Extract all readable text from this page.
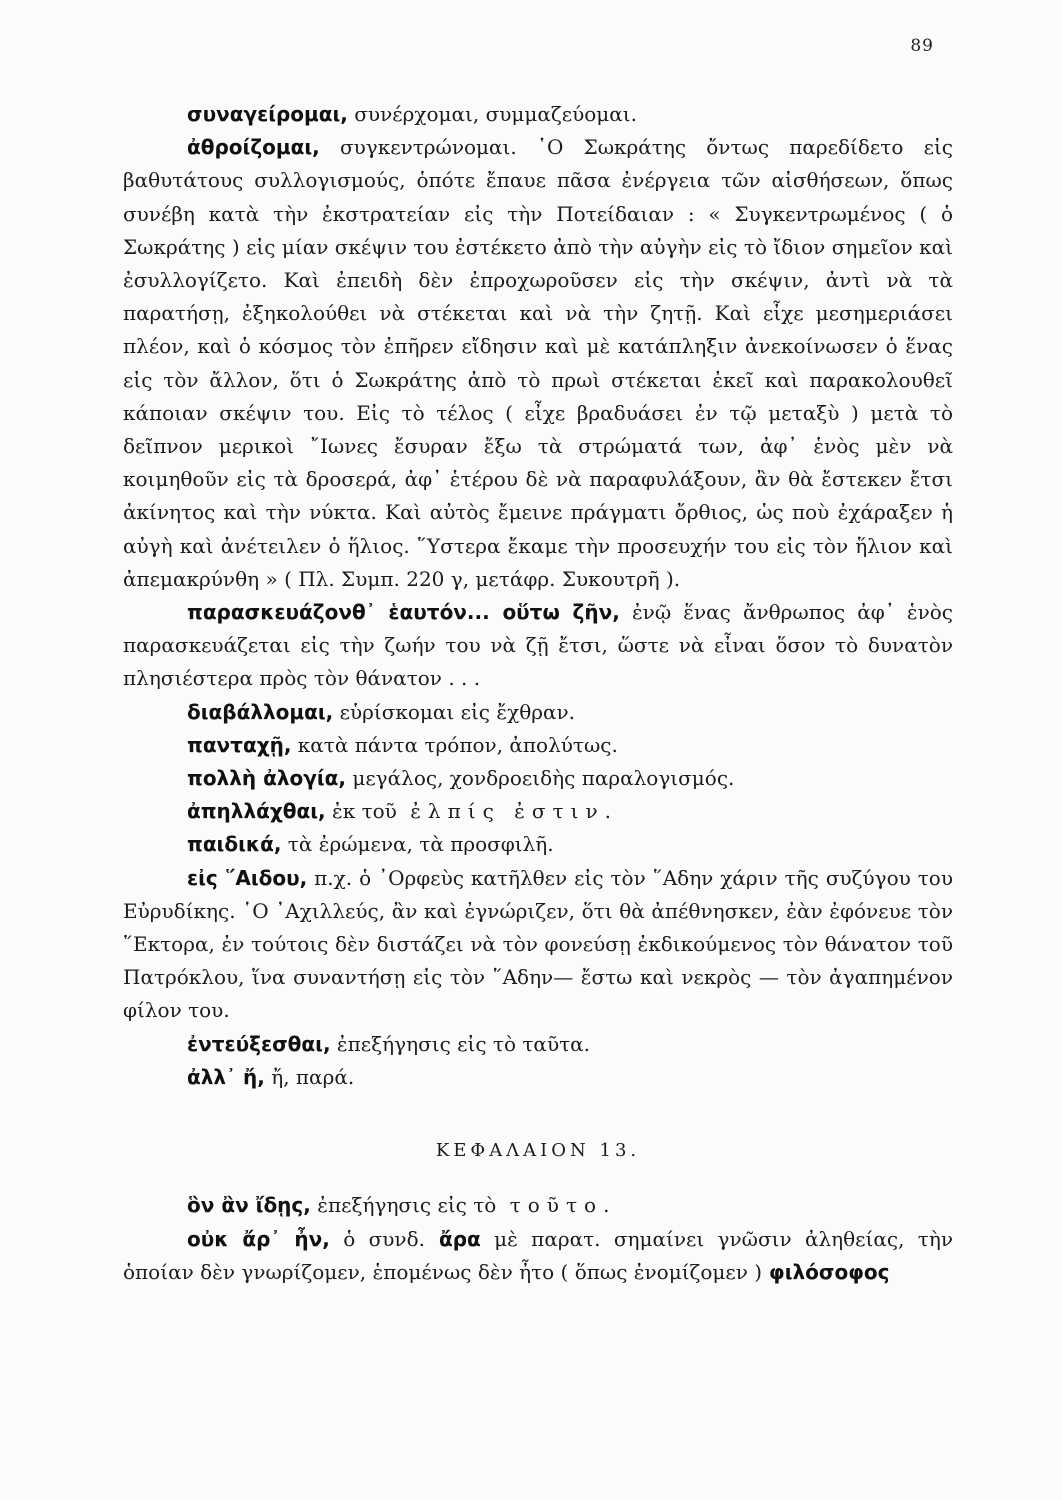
89

συναγείρομαι, συνέρχομαι, συμμαζεύομαι.

ἀθροίζομαι, συγκεντρώνομαι. ῾Ο Σωκράτης ὄντως παρεδίδετο εἰς βαθυτάτους συλλογισμούς, ὁπότε ἔπαυε πᾶσα ἐνέργεια τῶν αἰσθήσεων, ὅπως συνέβη κατὰ τὴν ἐκστρατείαν εἰς τὴν Ποτείδαιαν : « Συγκεντρωμένος ( ὁ Σωκράτης ) εἰς μίαν σκέψιν του ἐστέκετο ἀπὸ τὴν αὐγὴν εἰς τὸ ἴδιον σημεῖον καὶ ἐσυλλογίζετο. Καὶ ἐπειδὴ δὲν ἐπροχωροῦσεν εἰς τὴν σκέψιν, ἀντὶ νὰ τὰ παρατήσῃ, ἐξηκολούθει νὰ στέκεται καὶ νὰ τὴν ζητῇ. Καὶ εἶχε μεσημεριάσει πλέον, καὶ ὁ κόσμος τὸν ἐπῆρεν εἴδησιν καὶ μὲ κατάπληξιν ἀνεκοίνωσεν ὁ ἕνας εἰς τὸν ἄλλον, ὅτι ὁ Σωκράτης ἀπὸ τὸ πρωὶ στέκεται ἐκεῖ καὶ παρακολουθεῖ κάποιαν σκέψιν του. Εἰς τὸ τέλος ( εἶχε βραδυάσει ἐν τῷ μεταξὺ ) μετὰ τὸ δεῖπνον μερικοὶ ῎Ιωνες ἔσυραν ἔξω τὰ στρώματά των, ἀφ᾽ ἑνὸς μὲν νὰ κοιμηθοῦν εἰς τὰ δροσερά, ἀφ᾽ ἑτέρου δὲ νὰ παραφυλάξουν, ἂν θὰ ἔστεκεν ἔτσι ἀκίνητος καὶ τὴν νύκτα. Καὶ αὐτὸς ἔμεινε πράγματι ὄρθιος, ὡς ποὺ ἐχάραξεν ἡ αὐγὴ καὶ ἀνέτειλεν ὁ ἥλιος. ῞Υστερα ἔκαμε τὴν προσευχήν του εἰς τὸν ἥλιον καὶ ἀπεμακρύνθη » ( Πλ. Συμπ. 220 γ, μετάφρ. Συκουτρῆ ).

παρασκευάζονθ᾽ ἑαυτόν... οὕτω ζῆν, ἐνῷ ἕνας ἄνθρωπος ἀφ᾽ ἑνὸς παρασκευάζεται εἰς τὴν ζωήν του νὰ ζῇ ἔτσι, ὥστε νὰ εἶναι ὅσον τὸ δυνατὸν πλησιέστερα πρὸς τὸν θάνατον . . .

διαβάλλομαι, εὑρίσκομαι εἰς ἔχθραν.

πανταχῇ, κατὰ πάντα τρόπον, ἀπολύτως.

πολλὴ ἀλογία, μεγάλος, χονδροειδὴς παραλογισμός.

ἀπηλλάχθαι, ἐκ τοῦ ἐλπίς ἐστιν.

παιδικά, τὰ ἐρώμενα, τὰ προσφιλῆ.

εἰς ῞Αιδου, π.χ. ὁ ᾿Ορφεὺς κατῆλθεν εἰς τὸν ῞Αδην χάριν τῆς συζύγου του Εὐρυδίκης. ῾Ο ᾿Αχιλλεύς, ἂν καὶ ἐγνώριζεν, ὅτι θὰ ἀπέθνησκεν, ἐὰν ἐφόνευε τὸν ῞Εκτορα, ἐν τούτοις δὲν διστάζει νὰ τὸν φονεύσῃ ἐκδικούμενος τὸν θάνατον τοῦ Πατρόκλου, ἵνα συναντήσῃ εἰς τὸν ῞Αδην— ἔστω καὶ νεκρὸς — τὸν ἀγαπημένον φίλον του.

ἐντεύξεσθαι, ἐπεξήγησις εἰς τὸ ταῦτα.

ἀλλ᾽ ἤ, ἤ, παρά.

ΚΕΦΑΛΑΙΟΝ 13.

ὃν ἂν ἴδῃς, ἐπεξήγησις εἰς τὸ τοῦτο.

οὐκ ἄρ᾽ ἦν, ὁ συνδ. ἄρα μὲ παρατ. σημαίνει γνῶσιν ἀληθείας, τὴν ὁποίαν δὲν γνωρίζομεν, ἑπομένως δὲν ἦτο ( ὅπως ἐνομίζομεν ) φιλόσοφος
